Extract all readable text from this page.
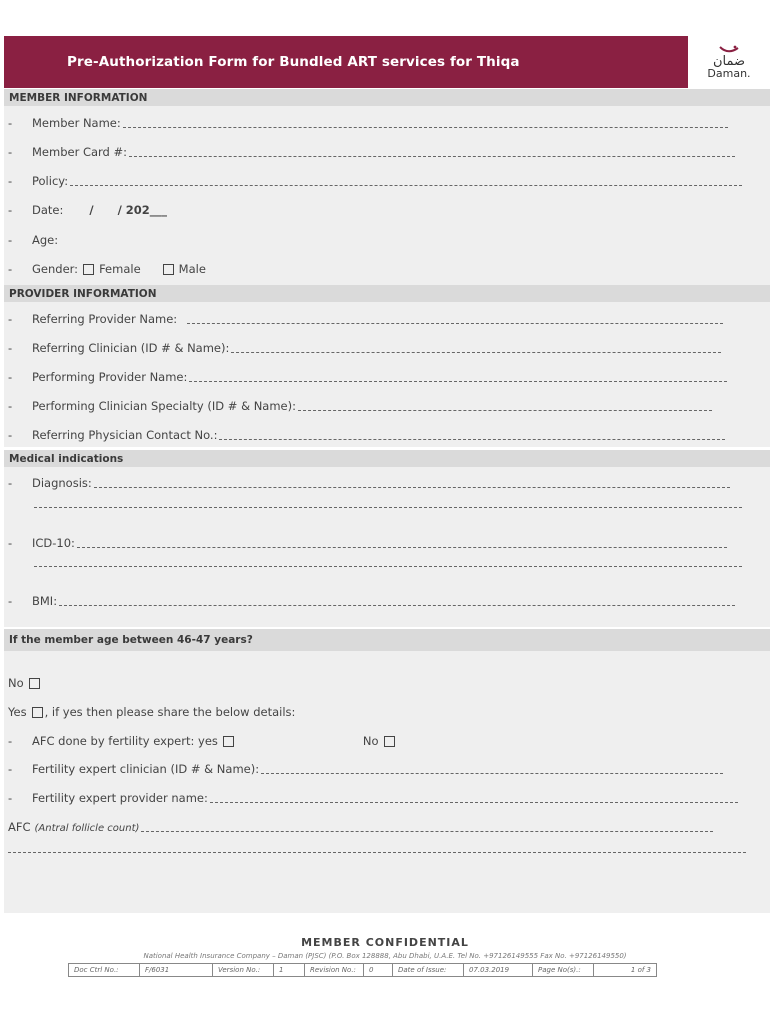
Pre-Authorization Form for Bundled ART services for Thiqa	ضمان
Daman.
MEMBER INFORMATION
-	Member Name:
-	Member Card #:
-	Policy:
-	Date: /      / 202___
-	Age:
-	Gender: Female	Male
PROVIDER INFORMATION
-	Referring Provider Name:
-	Referring Clinician (ID # & Name):
-	Performing Provider Name:
-	Performing Clinician Specialty (ID # & Name):
-	Referring Physician Contact No.:
Medical indications
-	Diagnosis:
-	ICD-10:
-	BMI:
If the member age between 46-47 years?
No
Yes , if yes then please share the below details:
-	AFC done by fertility expert: yes	No
-	Fertility expert clinician (ID # & Name):
-	Fertility expert provider name:
AFC (Antral follicle count)
MEMBER CONFIDENTIAL
National Health Insurance Company – Daman (PJSC) (P.O. Box 128888, Abu Dhabi, U.A.E. Tel No. +97126149555 Fax No. +97126149550)
Doc Ctrl No.:	F/6031	Version No.:	1	Revision No.:	0	Date of Issue:	07.03.2019	Page No(s).:	1 of 3
